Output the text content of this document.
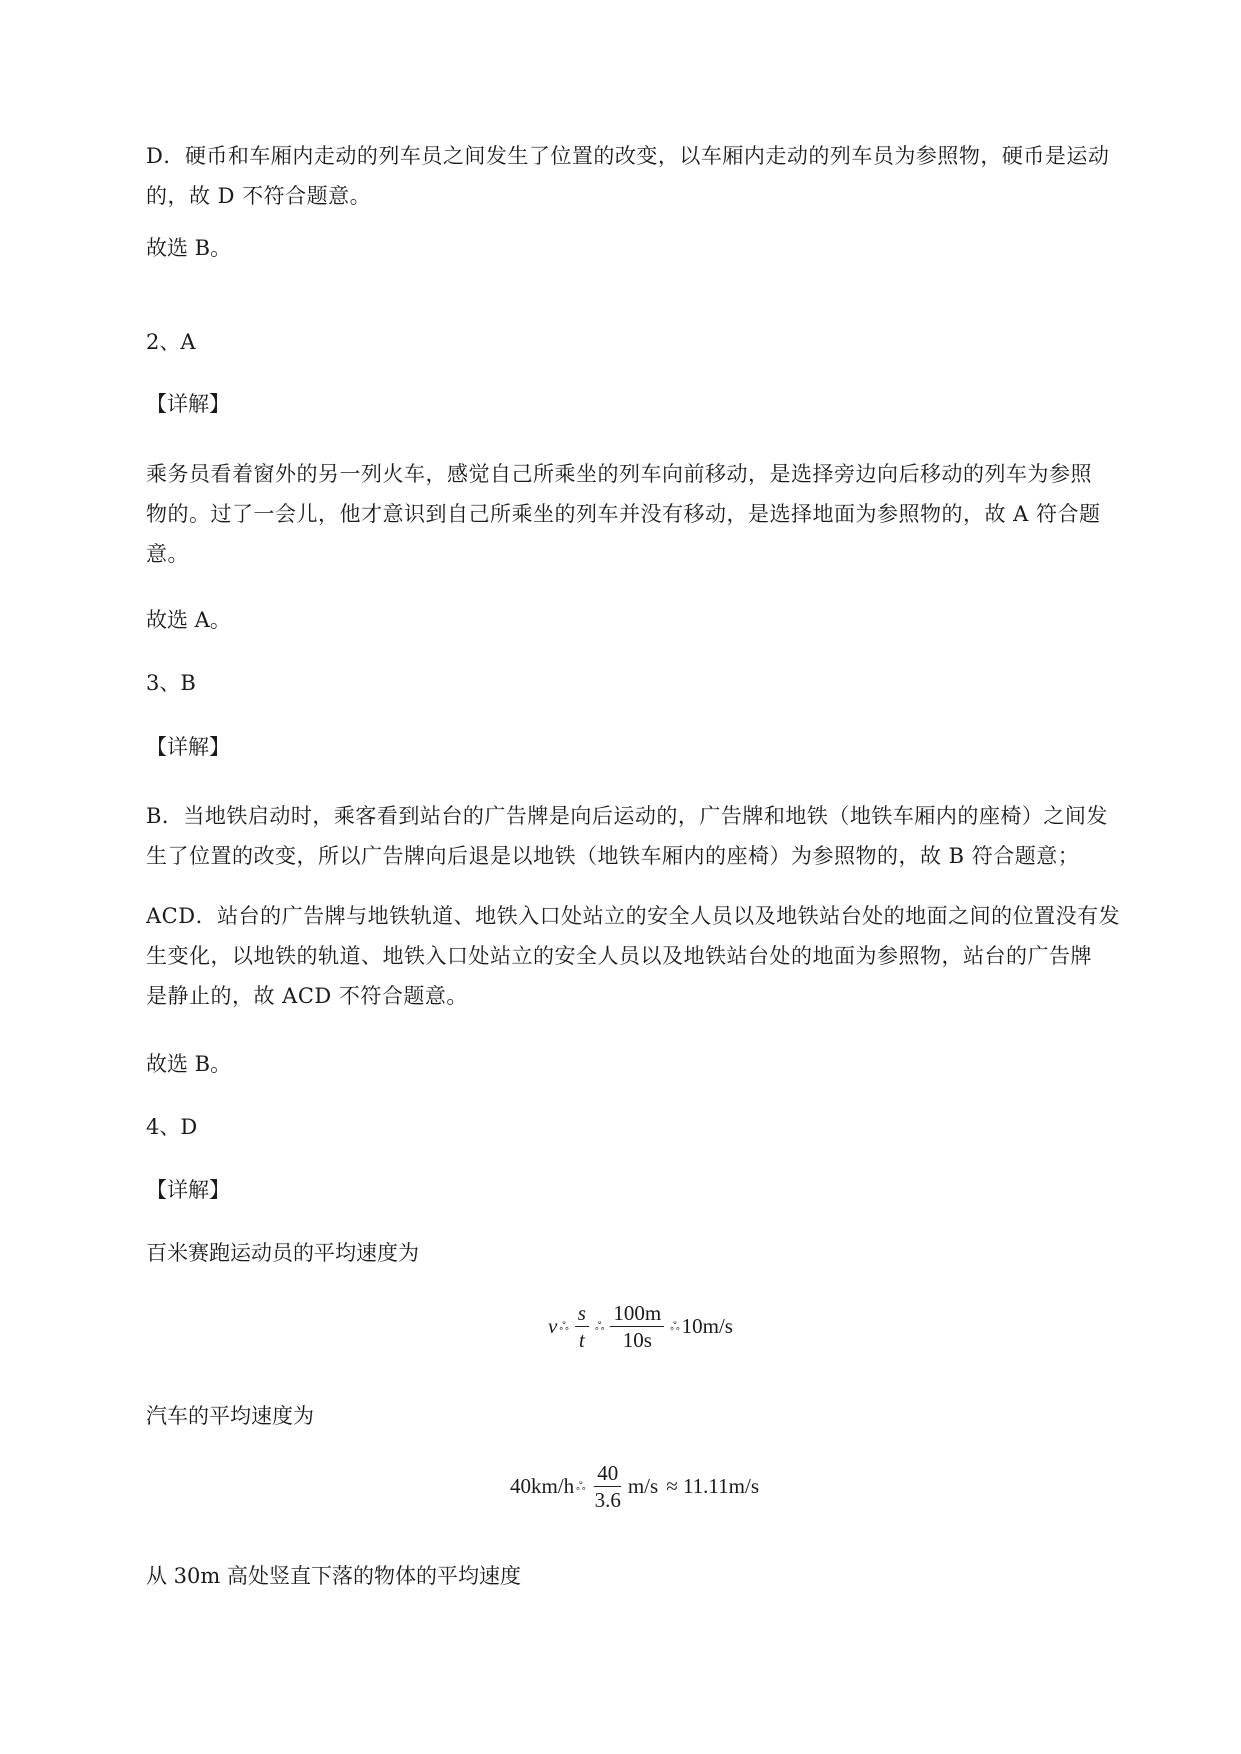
D．硬币和车厢内走动的列车员之间发生了位置的改变，以车厢内走动的列车员为参照物，硬币是运动
的，故 D 不符合题意。
故选 B。
2、A
【详解】
乘务员看着窗外的另一列火车，感觉自己所乘坐的列车向前移动，是选择旁边向后移动的列车为参照
物的。过了一会儿，他才意识到自己所乘坐的列车并没有移动，是选择地面为参照物的，故 A 符合题
意。
故选 A。
3、B
【详解】
B．当地铁启动时，乘客看到站台的广告牌是向后运动的，广告牌和地铁（地铁车厢内的座椅）之间发
生了位置的改变，所以广告牌向后退是以地铁（地铁车厢内的座椅）为参照物的，故 B 符合题意；
ACD．站台的广告牌与地铁轨道、地铁入口处站立的安全人员以及地铁站台处的地面之间的位置没有发
生变化，以地铁的轨道、地铁入口处站立的安全人员以及地铁站台处的地面为参照物，站台的广告牌
是静止的，故 ACD 不符合题意。
故选 B。
4、D
【详解】
百米赛跑运动员的平均速度为
v ஃ $\frac{s}{t}$ ஃ $\frac{100m}{10s}$ ஃ 10m/s
汽车的平均速度为
40km/h ஃ $\frac{40}{3.6} m/s \approx 11.11m/s$
从 30m 高处竖直下落的物体的平均速度
